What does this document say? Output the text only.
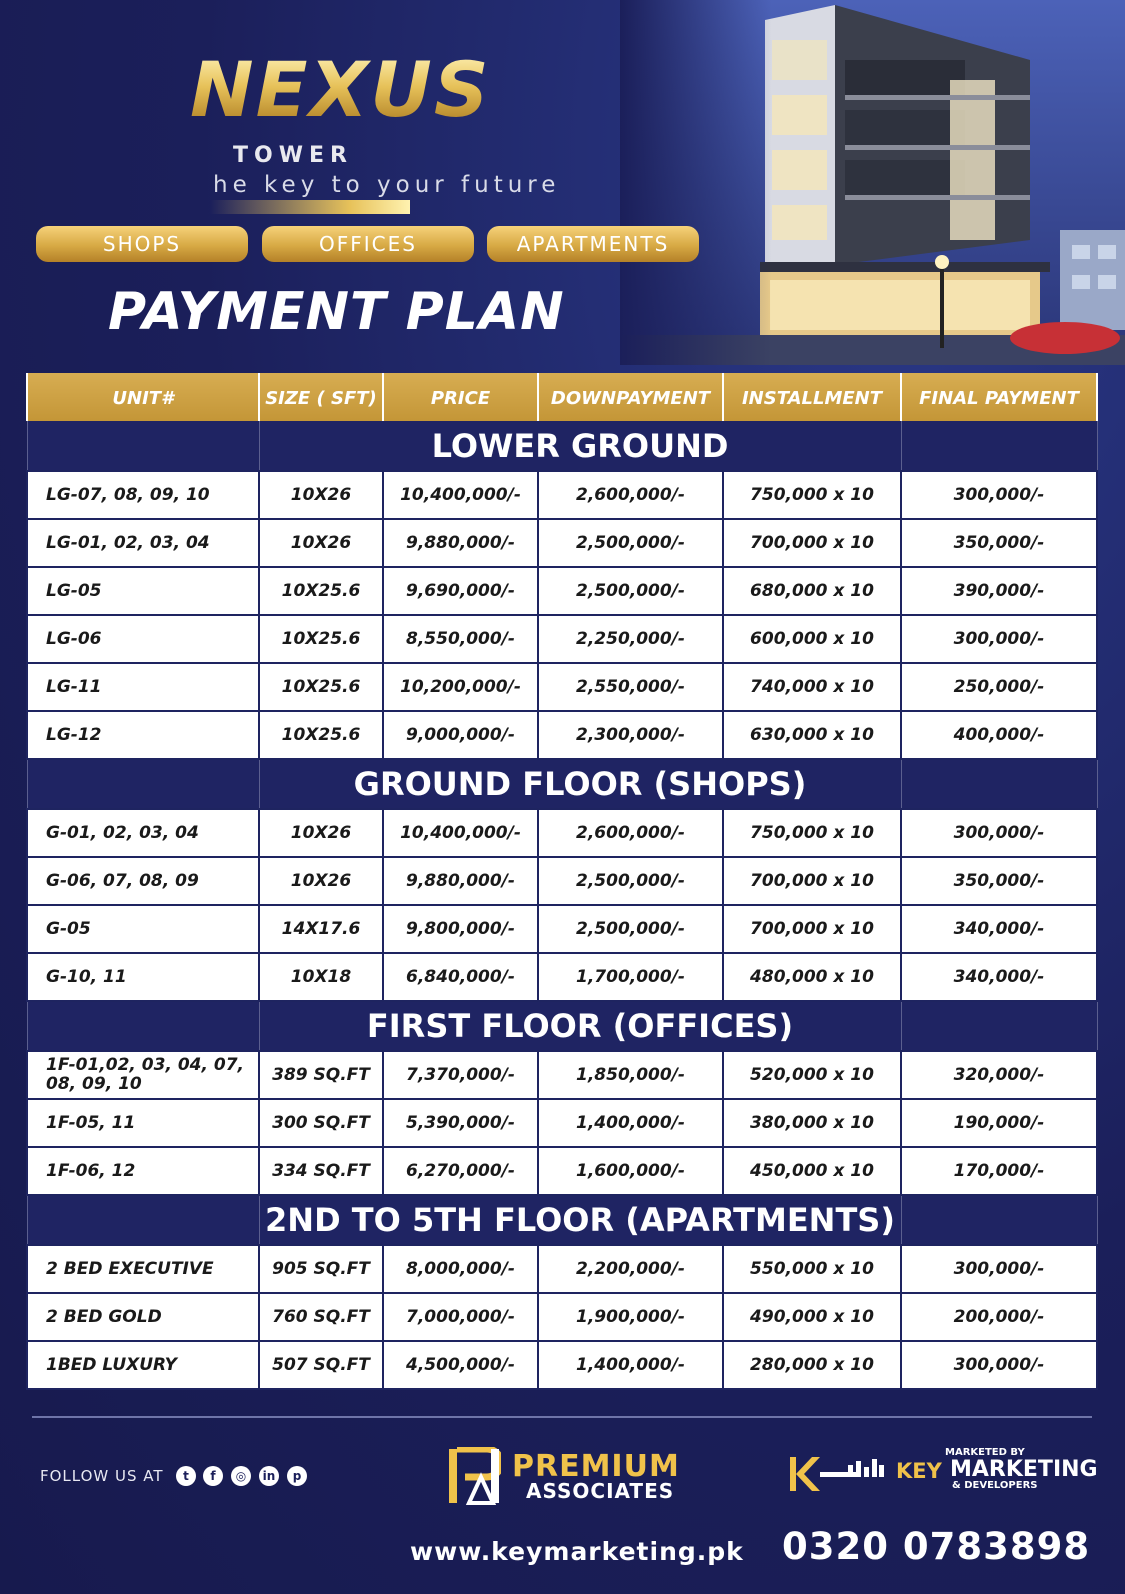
NEXUS
TOWER
he key to your future
SHOPS	OFFICES	APARTMENTS
PAYMENT PLAN
UNIT#	SIZE ( SFT)	PRICE	DOWNPAYMENT	INSTALLMENT	FINAL PAYMENT
	LOWER GROUND				
LG-07, 08, 09, 10	10X26	10,400,000/-	2,600,000/-	750,000 x 10	300,000/-
LG-01, 02, 03, 04	10X26	9,880,000/-	2,500,000/-	700,000 x 10	350,000/-
LG-05	10X25.6	9,690,000/-	2,500,000/-	680,000 x 10	390,000/-
LG-06	10X25.6	8,550,000/-	2,250,000/-	600,000 x 10	300,000/-
LG-11	10X25.6	10,200,000/-	2,550,000/-	740,000 x 10	250,000/-
LG-12	10X25.6	9,000,000/-	2,300,000/-	630,000 x 10	400,000/-
	GROUND FLOOR (SHOPS)				
G-01, 02, 03, 04	10X26	10,400,000/-	2,600,000/-	750,000 x 10	300,000/-
G-06, 07, 08, 09	10X26	9,880,000/-	2,500,000/-	700,000 x 10	350,000/-
G-05	14X17.6	9,800,000/-	2,500,000/-	700,000 x 10	340,000/-
G-10, 11	10X18	6,840,000/-	1,700,000/-	480,000 x 10	340,000/-
	FIRST FLOOR (OFFICES)				
1F-01,02, 03, 04, 07, 08, 09, 10	389 SQ.FT	7,370,000/-	1,850,000/-	520,000 x 10	320,000/-
1F-05, 11	300 SQ.FT	5,390,000/-	1,400,000/-	380,000 x 10	190,000/-
1F-06, 12	334 SQ.FT	6,270,000/-	1,600,000/-	450,000 x 10	170,000/-
	2ND TO 5TH FLOOR (APARTMENTS)				
2 BED EXECUTIVE	905 SQ.FT	8,000,000/-	2,200,000/-	550,000 x 10	300,000/-
2 BED GOLD	760 SQ.FT	7,000,000/-	1,900,000/-	490,000 x 10	200,000/-
1BED LUXURY	507 SQ.FT	4,500,000/-	1,400,000/-	280,000 x 10	300,000/-
FOLLOW US AT	t	f	◎	in	p	PREMIUM
ASSOCIATES
MARKETED BY
KEY MARKETING
& DEVELOPERS
www.keymarketing.pk 0320 0783898
